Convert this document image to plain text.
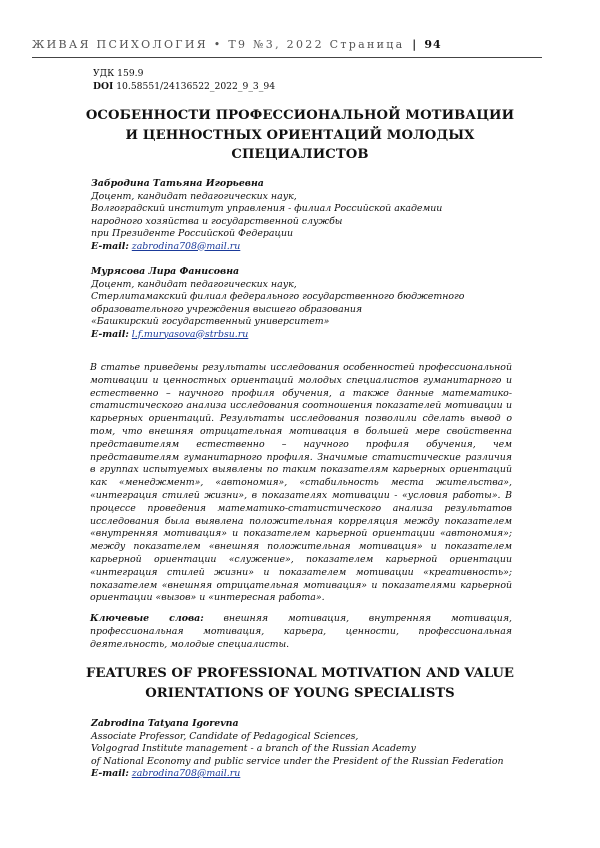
ЖИВАЯ ПСИХОЛОГИЯ • Т9 №3, 2022 Страница | 94
УДК 159.9
DOI 10.58551/24136522_2022_9_3_94
ОСОБЕННОСТИ ПРОФЕССИОНАЛЬНОЙ МОТИВАЦИИ
И ЦЕННОСТНЫХ ОРИЕНТАЦИЙ МОЛОДЫХ
СПЕЦИАЛИСТОВ
Забродина Татьяна Игорьевна
Доцент, кандидат педагогических наук,
Волгоградский институт управления - филиал Российской академии
народного хозяйства и государственной службы
при Президенте Российской Федерации
E-mail: zabrodina708@mail.ru
Мурясова Лира Фанисовна
Доцент, кандидат педагогических наук,
Стерлитамакский филиал федерального государственного бюджетного
образовательного учреждения высшего образования
«Башкирский государственный университет»
E-mail: l.f.muryasova@strbsu.ru
В статье приведены результаты исследования особенностей профессиональной мотивации и ценностных ориентаций молодых специалистов гуманитарного и естественно – научного профиля обучения, а также данные математико-статистического анализа исследования соотношения показателей мотивации и карьерных ориентаций. Результаты исследования позволили сделать вывод о том, что внешняя отрицательная мотивация в большей мере свойственна представителям естественно – научного профиля обучения, чем представителям гуманитарного профиля. Значимые статистические различия в группах испытуемых выявлены по таким показателям карьерных ориентаций как «менеджмент», «автономия», «стабильность места жительства», «интеграция стилей жизни», в показателях мотивации - «условия работы». В процессе проведения математико-статистического анализа результатов исследования была выявлена положительная корреляция между показателем «внутренняя мотивация» и показателем карьерной ориентации «автономия»; между показателем «внешняя положительная мотивация» и показателем карьерной ориентации «служение», показателем карьерной ориентации «интеграция стилей жизни» и показателем мотивации «креативность»; показателем «внешняя отрицательная мотивация» и показателями карьерной ориентации «вызов» и «интересная работа».
Ключевые слова: внешняя мотивация, внутренняя мотивация, профессиональная мотивация, карьера, ценности, профессиональная деятельность, молодые специалисты.
FEATURES OF PROFESSIONAL MOTIVATION AND VALUE
ORIENTATIONS OF YOUNG SPECIALISTS
Zabrodina Tatyana Igorevna
Associate Professor, Candidate of Pedagogical Sciences,
Volgograd Institute management - a branch of the Russian Academy
of National Economy and public service under the President of the Russian Federation
E-mail: zabrodina708@mail.ru
